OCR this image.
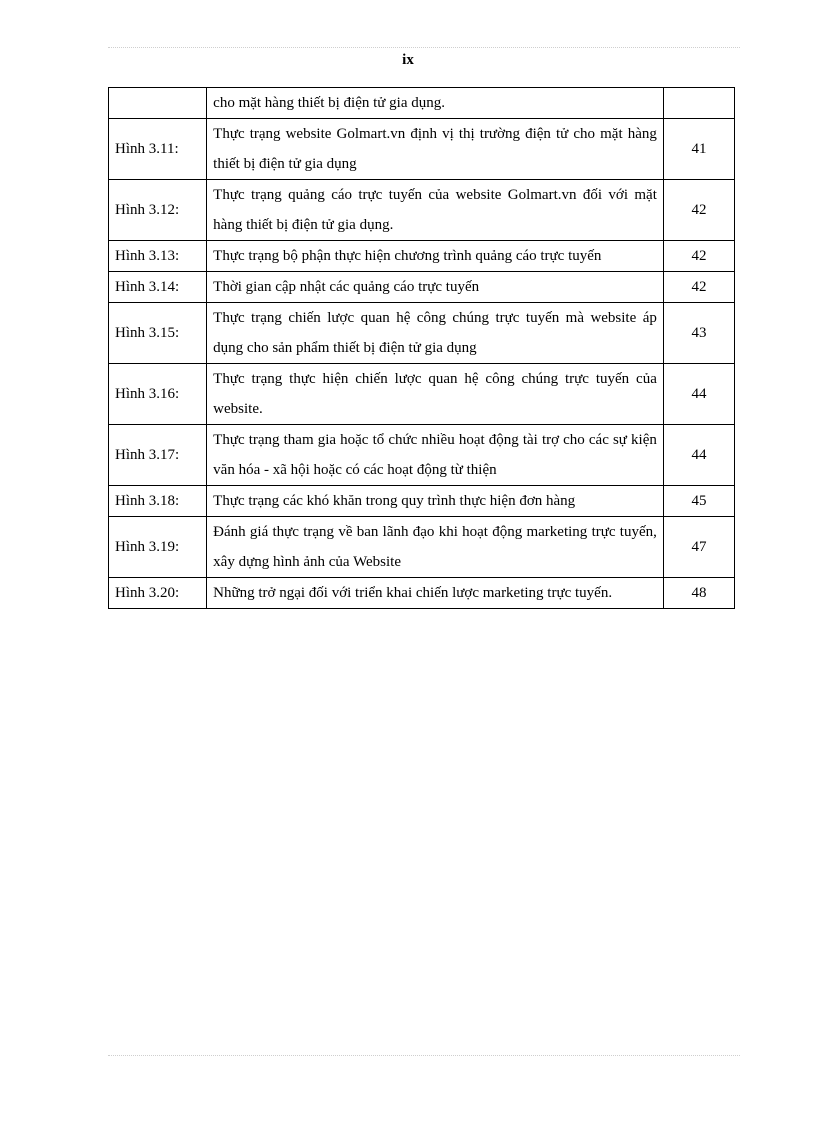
ix
	cho mặt hàng thiết bị điện tử gia dụng.	
Hình 3.11:	Thực trạng website Golmart.vn định vị thị trường điện tử cho mặt hàng thiết bị điện tử gia dụng	41
Hình 3.12:	Thực trạng quảng cáo trực tuyến của website Golmart.vn đối với mặt hàng thiết bị điện tử gia dụng.	42
Hình 3.13:	Thực trạng bộ phận thực hiện chương trình quảng cáo trực tuyến	42
Hình 3.14:	Thời gian cập nhật các quảng cáo trực tuyến	42
Hình 3.15:	Thực trạng chiến lược quan hệ công chúng trực tuyến mà website áp dụng cho sản phẩm thiết bị điện tử gia dụng	43
Hình 3.16:	Thực trạng thực hiện chiến lược quan hệ công chúng trực tuyến của website.	44
Hình 3.17:	Thực trạng tham gia hoặc tổ chức nhiều hoạt động tài trợ cho các sự kiện văn hóa - xã hội hoặc có các hoạt động từ thiện	44
Hình 3.18:	Thực trạng các khó khăn trong quy trình thực hiện đơn hàng	45
Hình 3.19:	Đánh giá thực trạng về ban lãnh đạo khi hoạt động marketing trực tuyến, xây dựng hình ảnh của Website	47
Hình 3.20:	Những trở ngại đối với triển khai chiến lược marketing trực tuyến.	48
